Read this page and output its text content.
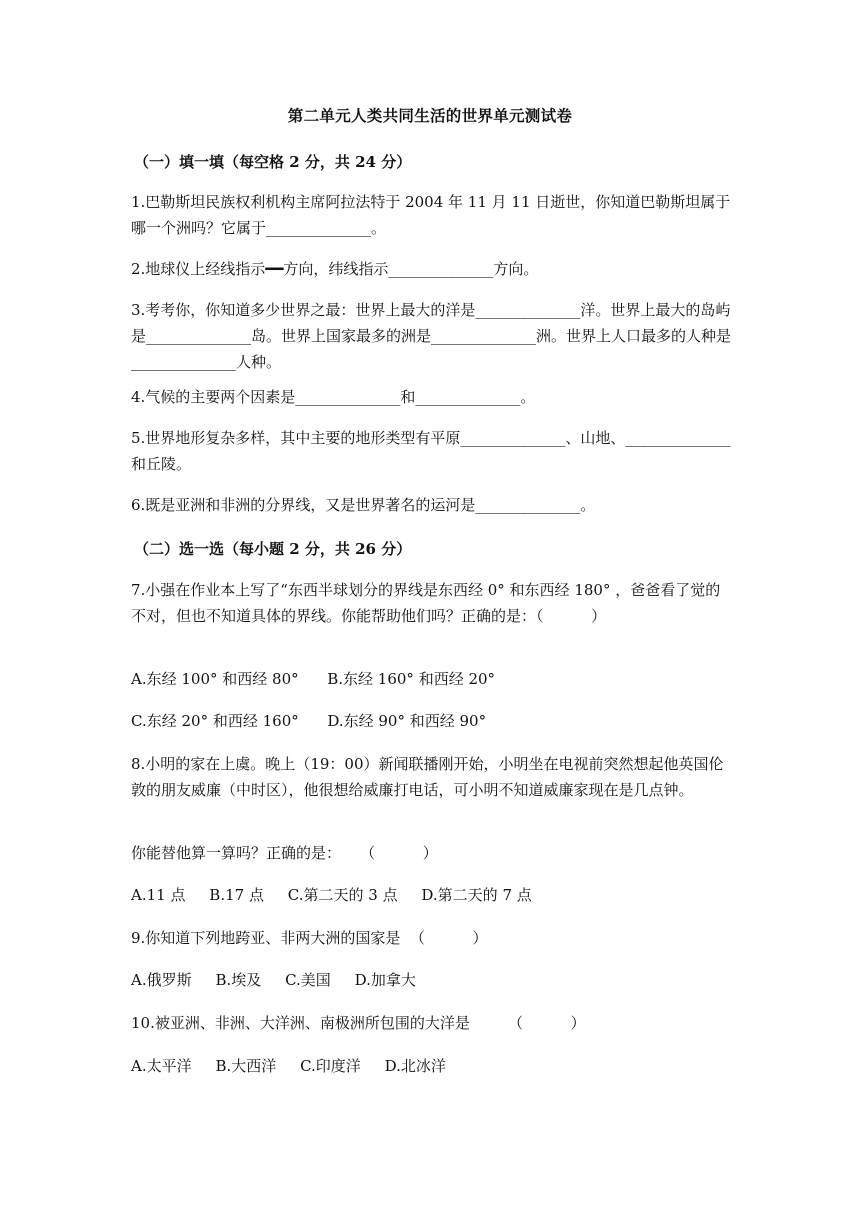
第二单元人类共同生活的世界单元测试卷
（一）填一填（每空格 2 分，共 24 分）
1.巴勒斯坦民族权利机构主席阿拉法特于 2004 年 11 月 11 日逝世，你知道巴勒斯坦属于哪一个洲吗？它属于______________。
2.地球仪上经线指示━━方向，纬线指示______________方向。
3.考考你，你知道多少世界之最：世界上最大的洋是______________洋。世界上最大的岛屿是______________岛。世界上国家最多的洲是______________洲。世界上人口最多的人种是______________人种。
4.气候的主要两个因素是______________和______________。
5.世界地形复杂多样，其中主要的地形类型有平原______________、山地、______________和丘陵。
6.既是亚洲和非洲的分界线，又是世界著名的运河是______________。
（二）选一选（每小题 2 分，共 26 分）
7.小强在作业本上写了“东西半球划分的界线是东西经 0° 和东西经 180° ，爸爸看了觉的不对，但也不知道具体的界线。你能帮助他们吗？正确的是：（          ）
A.东经 100° 和西经 80°      B.东经 160° 和西经 20°
C.东经 20° 和西经 160°      D.东经 90° 和西经 90°
8.小明的家在上虞。晚上（19：00）新闻联播刚开始，小明坐在电视前突然想起他英国伦敦的朋友威廉（中时区），他很想给威廉打电话，可小明不知道威廉家现在是几点钟。
你能替他算一算吗？正确的是：    （          ）
A.11 点     B.17 点     C.第二天的 3 点     D.第二天的 7 点
9.你知道下列地跨亚、非两大洲的国家是  （          ）
A.俄罗斯     B.埃及     C.美国     D.加拿大
10.被亚洲、非洲、大洋洲、南极洲所包围的大洋是        （          ）
A.太平洋     B.大西洋     C.印度洋     D.北冰洋
